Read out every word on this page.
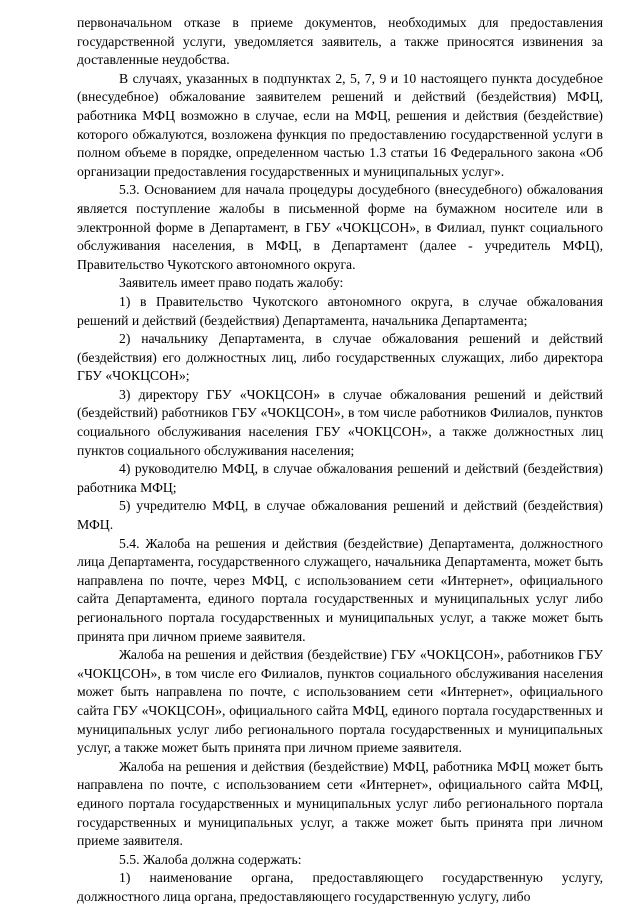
первоначальном отказе в приеме документов, необходимых для предоставления государственной услуги, уведомляется заявитель, а также приносятся извинения за доставленные неудобства.

В случаях, указанных в подпунктах 2, 5, 7, 9 и 10 настоящего пункта досудебное (внесудебное) обжалование заявителем решений и действий (бездействия) МФЦ, работника МФЦ возможно в случае, если на МФЦ, решения и действия (бездействие) которого обжалуются, возложена функция по предоставлению государственной услуги в полном объеме в порядке, определенном частью 1.3 статьи 16 Федерального закона «Об организации предоставления государственных и муниципальных услуг».

5.3. Основанием для начала процедуры досудебного (внесудебного) обжалования является поступление жалобы в письменной форме на бумажном носителе или в электронной форме в Департамент, в ГБУ «ЧОКЦСОН», в Филиал, пункт социального обслуживания населения, в МФЦ, в Департамент (далее - учредитель МФЦ), Правительство Чукотского автономного округа.

Заявитель имеет право подать жалобу:

1) в Правительство Чукотского автономного округа, в случае обжалования решений и действий (бездействия) Департамента, начальника Департамента;

2) начальнику Департамента, в случае обжалования решений и действий (бездействия) его должностных лиц, либо государственных служащих, либо директора ГБУ «ЧОКЦСОН»;

3) директору ГБУ «ЧОКЦСОН» в случае обжалования решений и действий (бездействий) работников ГБУ «ЧОКЦСОН», в том числе работников Филиалов, пунктов социального обслуживания населения ГБУ «ЧОКЦСОН», а также должностных лиц пунктов социального обслуживания населения;

4) руководителю МФЦ, в случае обжалования решений и действий (бездействия) работника МФЦ;

5) учредителю МФЦ, в случае обжалования решений и действий (бездействия) МФЦ.

5.4. Жалоба на решения и действия (бездействие) Департамента, должностного лица Департамента, государственного служащего, начальника Департамента, может быть направлена по почте, через МФЦ, с использованием сети «Интернет», официального сайта Департамента, единого портала государственных и муниципальных услуг либо регионального портала государственных и муниципальных услуг, а также может быть принята при личном приеме заявителя.

Жалоба на решения и действия (бездействие) ГБУ «ЧОКЦСОН», работников ГБУ «ЧОКЦСОН», в том числе его Филиалов, пунктов социального обслуживания населения может быть направлена по почте, с использованием сети «Интернет», официального сайта ГБУ «ЧОКЦСОН», официального сайта МФЦ, единого портала государственных и муниципальных услуг либо регионального портала государственных и муниципальных услуг, а также может быть принята при личном приеме заявителя.

Жалоба на решения и действия (бездействие) МФЦ, работника МФЦ может быть направлена по почте, с использованием сети «Интернет», официального сайта МФЦ, единого портала государственных и муниципальных услуг либо регионального портала государственных и муниципальных услуг, а также может быть принята при личном приеме заявителя.

5.5. Жалоба должна содержать:

1) наименование органа, предоставляющего государственную услугу, должностного лица органа, предоставляющего государственную услугу, либо
